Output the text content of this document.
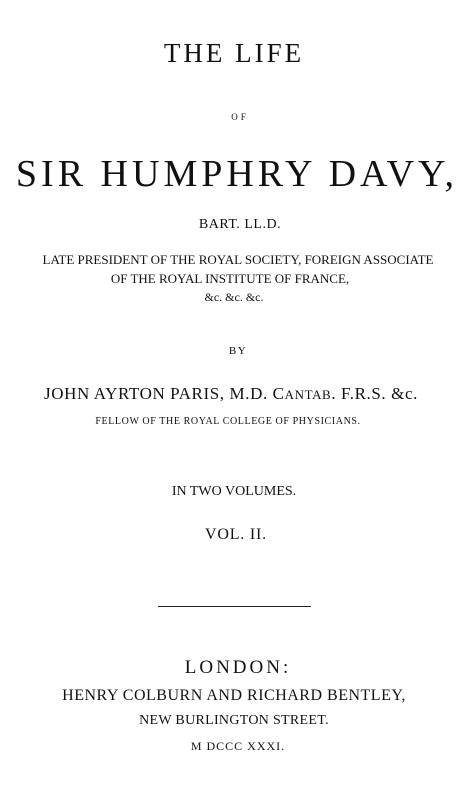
THE LIFE
OF
SIR HUMPHRY DAVY,
BART. LL.D.
LATE PRESIDENT OF THE ROYAL SOCIETY, FOREIGN ASSOCIATE
OF THE ROYAL INSTITUTE OF FRANCE,
&c. &c. &c.
BY
JOHN AYRTON PARIS, M.D. CANTAB. F.R.S. &c.
FELLOW OF THE ROYAL COLLEGE OF PHYSICIANS.
IN TWO VOLUMES.
VOL. II.
LONDON:
HENRY COLBURN AND RICHARD BENTLEY,
NEW BURLINGTON STREET.
M DCCC XXXI.
